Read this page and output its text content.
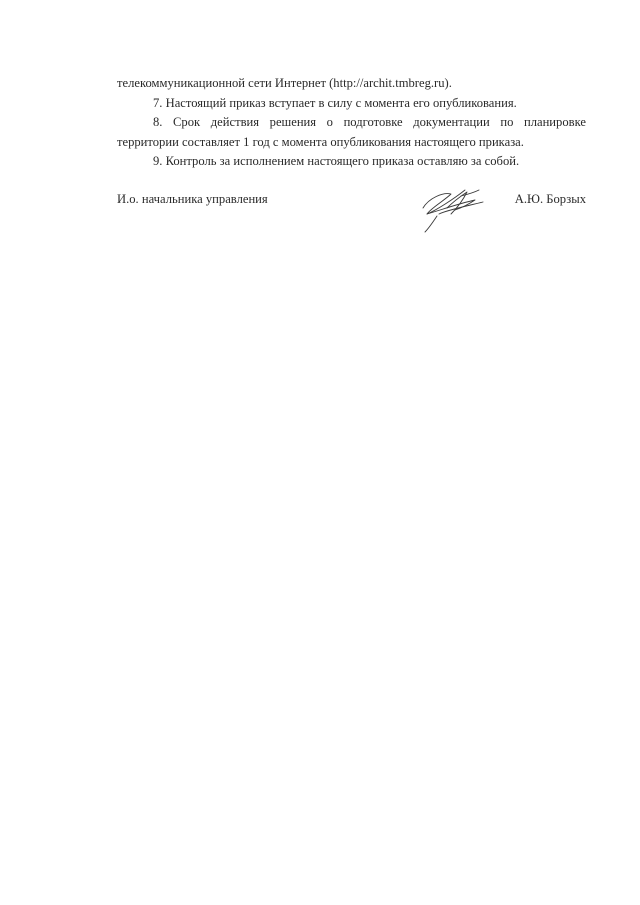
телекоммуникационной сети Интернет (http://archit.tmbreg.ru).
7. Настоящий приказ вступает в силу с момента его опубликования.
8. Срок действия решения о подготовке документации по планировке территории составляет 1 год с момента опубликования настоящего приказа.
9. Контроль за исполнением настоящего приказа оставляю за собой.
И.о. начальника управления	А.Ю. Борзых
